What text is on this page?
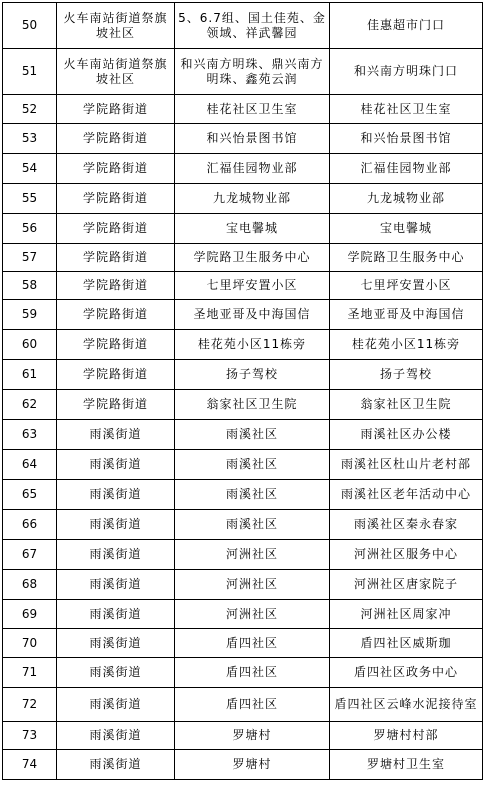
50	火车南站街道祭旗坡社区	5、6.7组、国土佳苑、金领域、祥武馨园	佳惠超市门口
51	火车南站街道祭旗坡社区	和兴南方明珠、鼎兴南方明珠、鑫苑云润	和兴南方明珠门口
52	学院路街道	桂花社区卫生室	桂花社区卫生室
53	学院路街道	和兴怡景图书馆	和兴怡景图书馆
54	学院路街道	汇福佳园物业部	汇福佳园物业部
55	学院路街道	九龙城物业部	九龙城物业部
56	学院路街道	宝电馨城	宝电馨城
57	学院路街道	学院路卫生服务中心	学院路卫生服务中心
58	学院路街道	七里坪安置小区	七里坪安置小区
59	学院路街道	圣地亚哥及中海国信	圣地亚哥及中海国信
60	学院路街道	桂花苑小区11栋旁	桂花苑小区11栋旁
61	学院路街道	扬子驾校	扬子驾校
62	学院路街道	翁家社区卫生院	翁家社区卫生院
63	雨溪街道	雨溪社区	雨溪社区办公楼
64	雨溪街道	雨溪社区	雨溪社区杜山片老村部
65	雨溪街道	雨溪社区	雨溪社区老年活动中心
66	雨溪街道	雨溪社区	雨溪社区秦永春家
67	雨溪街道	河洲社区	河洲社区服务中心
68	雨溪街道	河洲社区	河洲社区唐家院子
69	雨溪街道	河洲社区	河洲社区周家冲
70	雨溪街道	盾四社区	盾四社区威斯珈
71	雨溪街道	盾四社区	盾四社区政务中心
72	雨溪街道	盾四社区	盾四社区云峰水泥接待室
73	雨溪街道	罗塘村	罗塘村村部
74	雨溪街道	罗塘村	罗塘村卫生室
